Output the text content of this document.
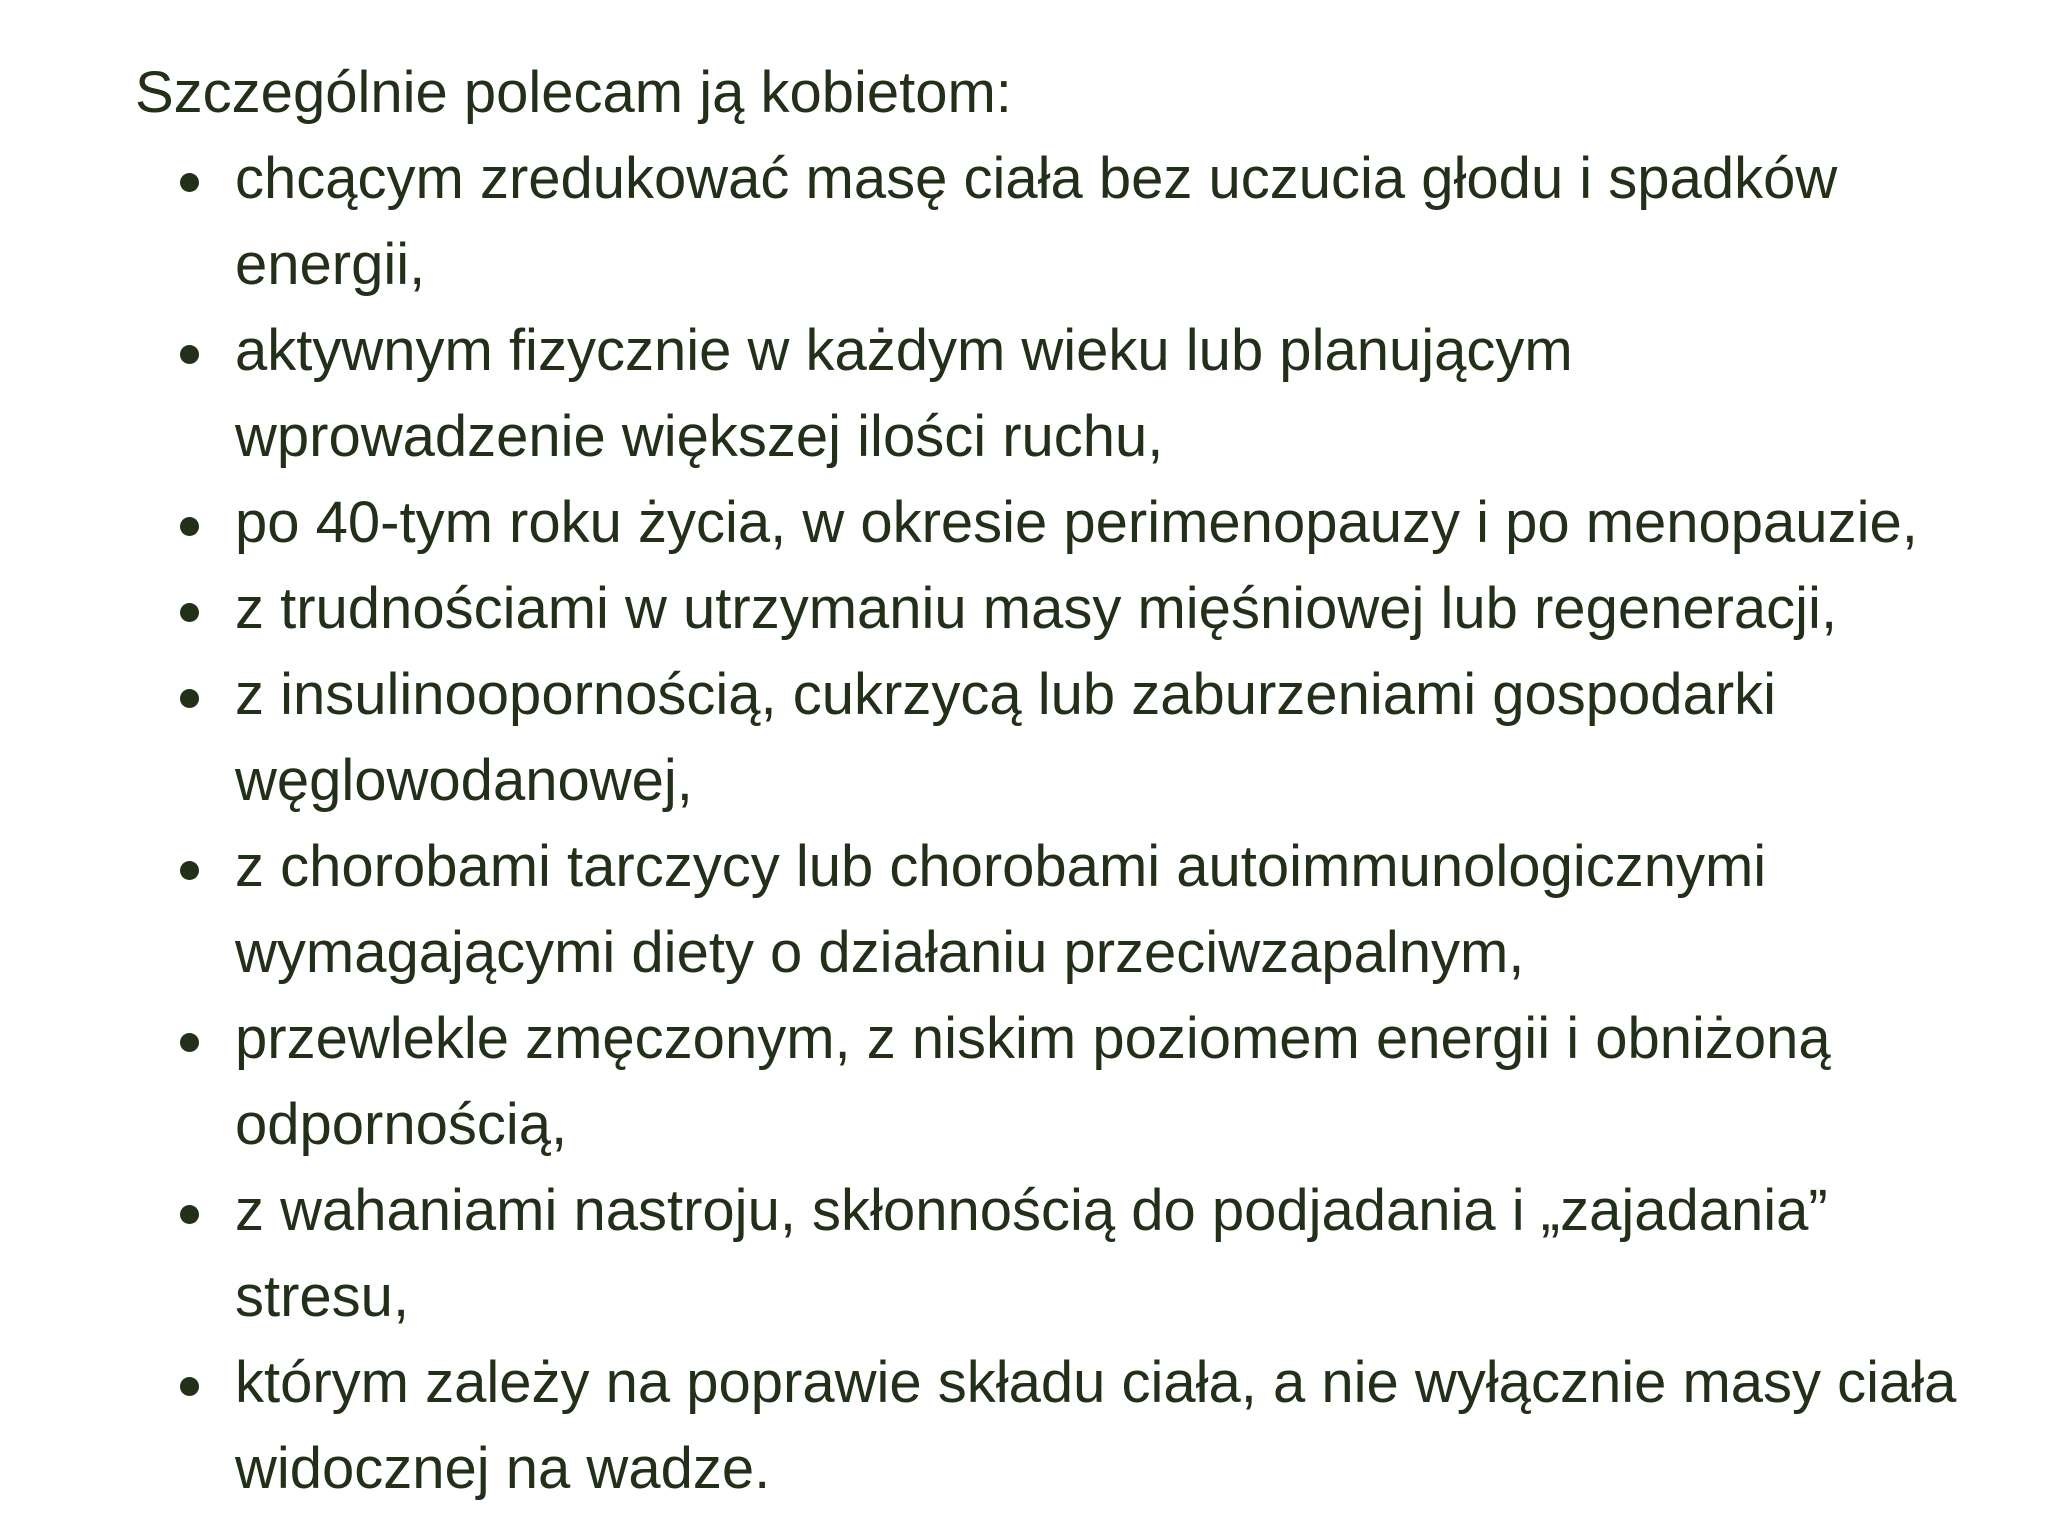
Szczególnie polecam ją kobietom:
chcącym zredukować masę ciała bez uczucia głodu i spadków
energii,
aktywnym fizycznie w każdym wieku lub planującym
wprowadzenie większej ilości ruchu,
po 40-tym roku życia, w okresie perimenopauzy i po menopauzie,
z trudnościami w utrzymaniu masy mięśniowej lub regeneracji,
z insulinoopornością, cukrzycą lub zaburzeniami gospodarki
węglowodanowej,
z chorobami tarczycy lub chorobami autoimmunologicznymi
wymagającymi diety o działaniu przeciwzapalnym,
przewlekle zmęczonym, z niskim poziomem energii i obniżoną
odpornością,
z wahaniami nastroju, skłonnością do podjadania i „zajadania”
stresu,
którym zależy na poprawie składu ciała, a nie wyłącznie masy ciała
widocznej na wadze.
